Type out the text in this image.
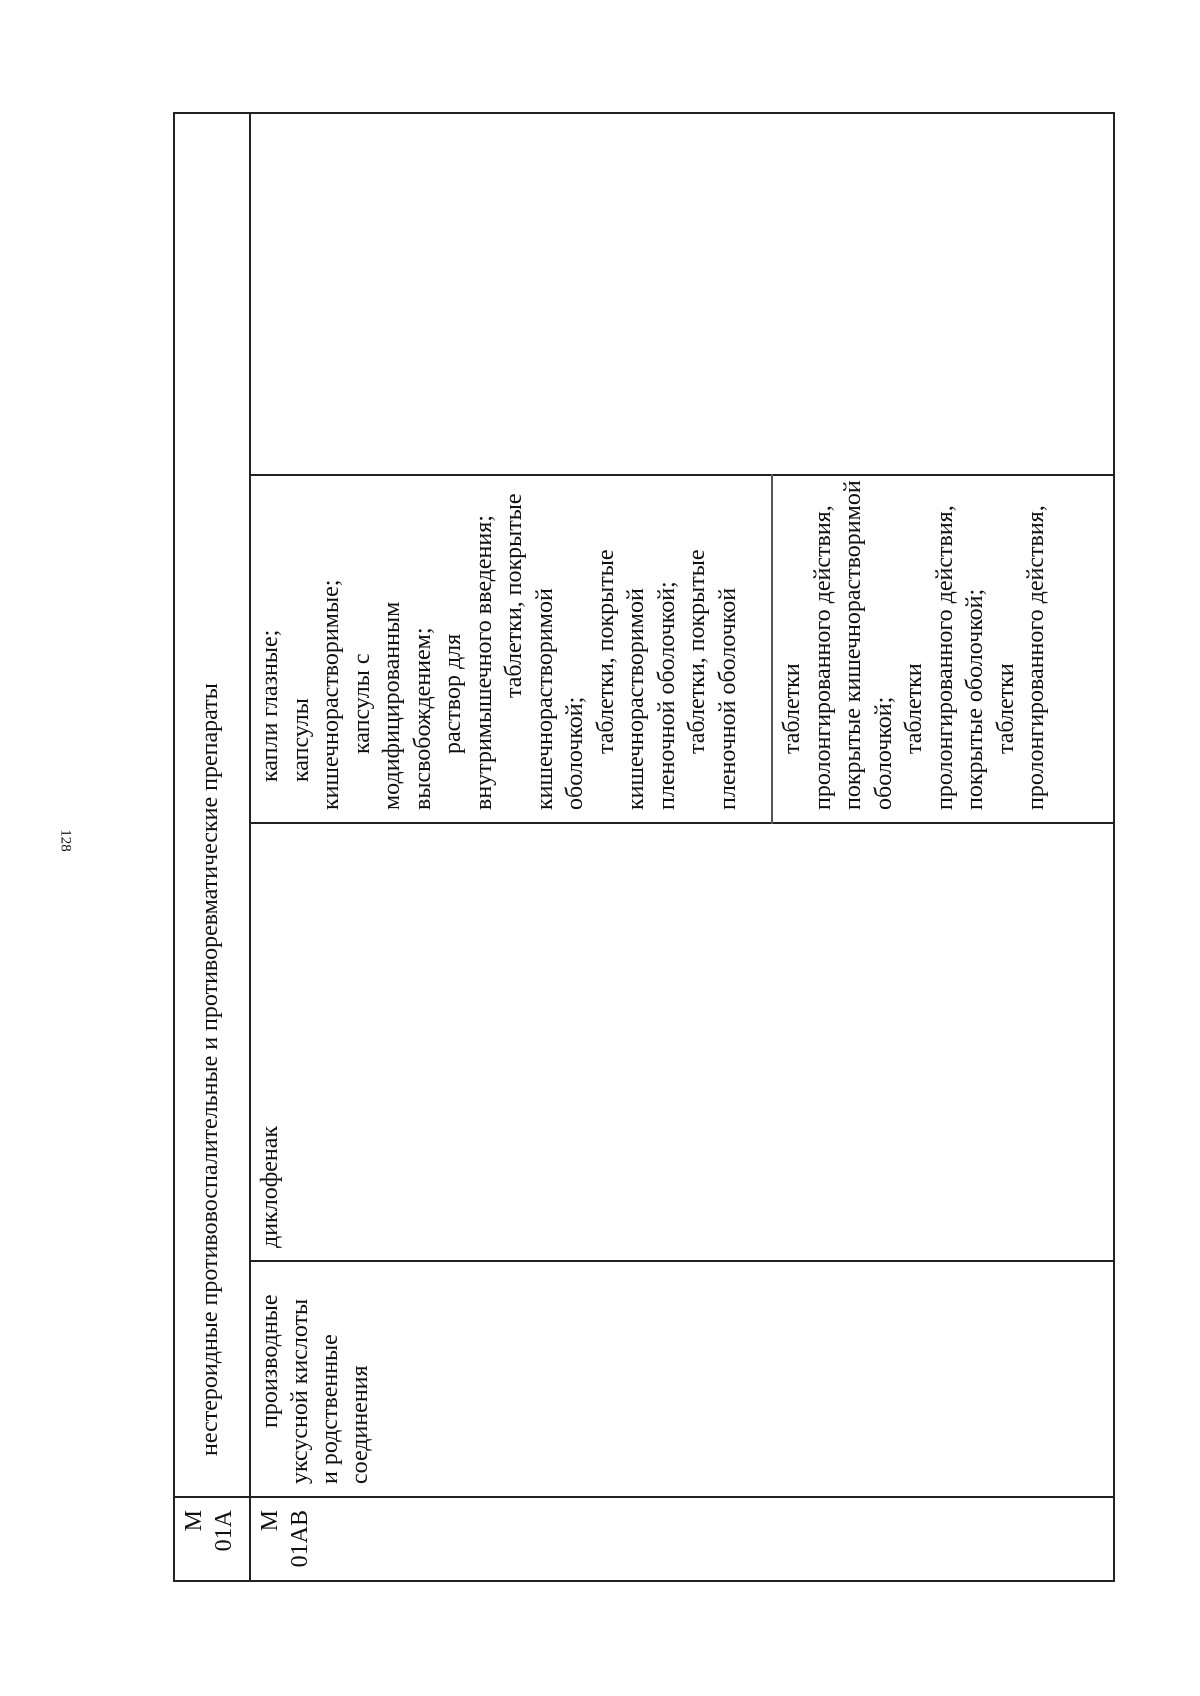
128
М 01А
нестероидные противовоспалительные и противоревматические препараты
М 01АВ
производные уксусной кислоты и родственные соединения
диклофенак
капли глазные; капсулы кишечнорастворимые; капсулы с модифицированным высвобождением; раствор для внутримышечного введения; таблетки, покрытые кишечнорастворимой оболочкой; таблетки, покрытые кишечнорастворимой пленочной оболочкой; таблетки, покрытые пленочной оболочкой таблетки пролонгированного действия, покрытые кишечнорастворимой оболочкой; таблетки пролонгированного действия, покрытые оболочкой; таблетки пролонгированного действия,
